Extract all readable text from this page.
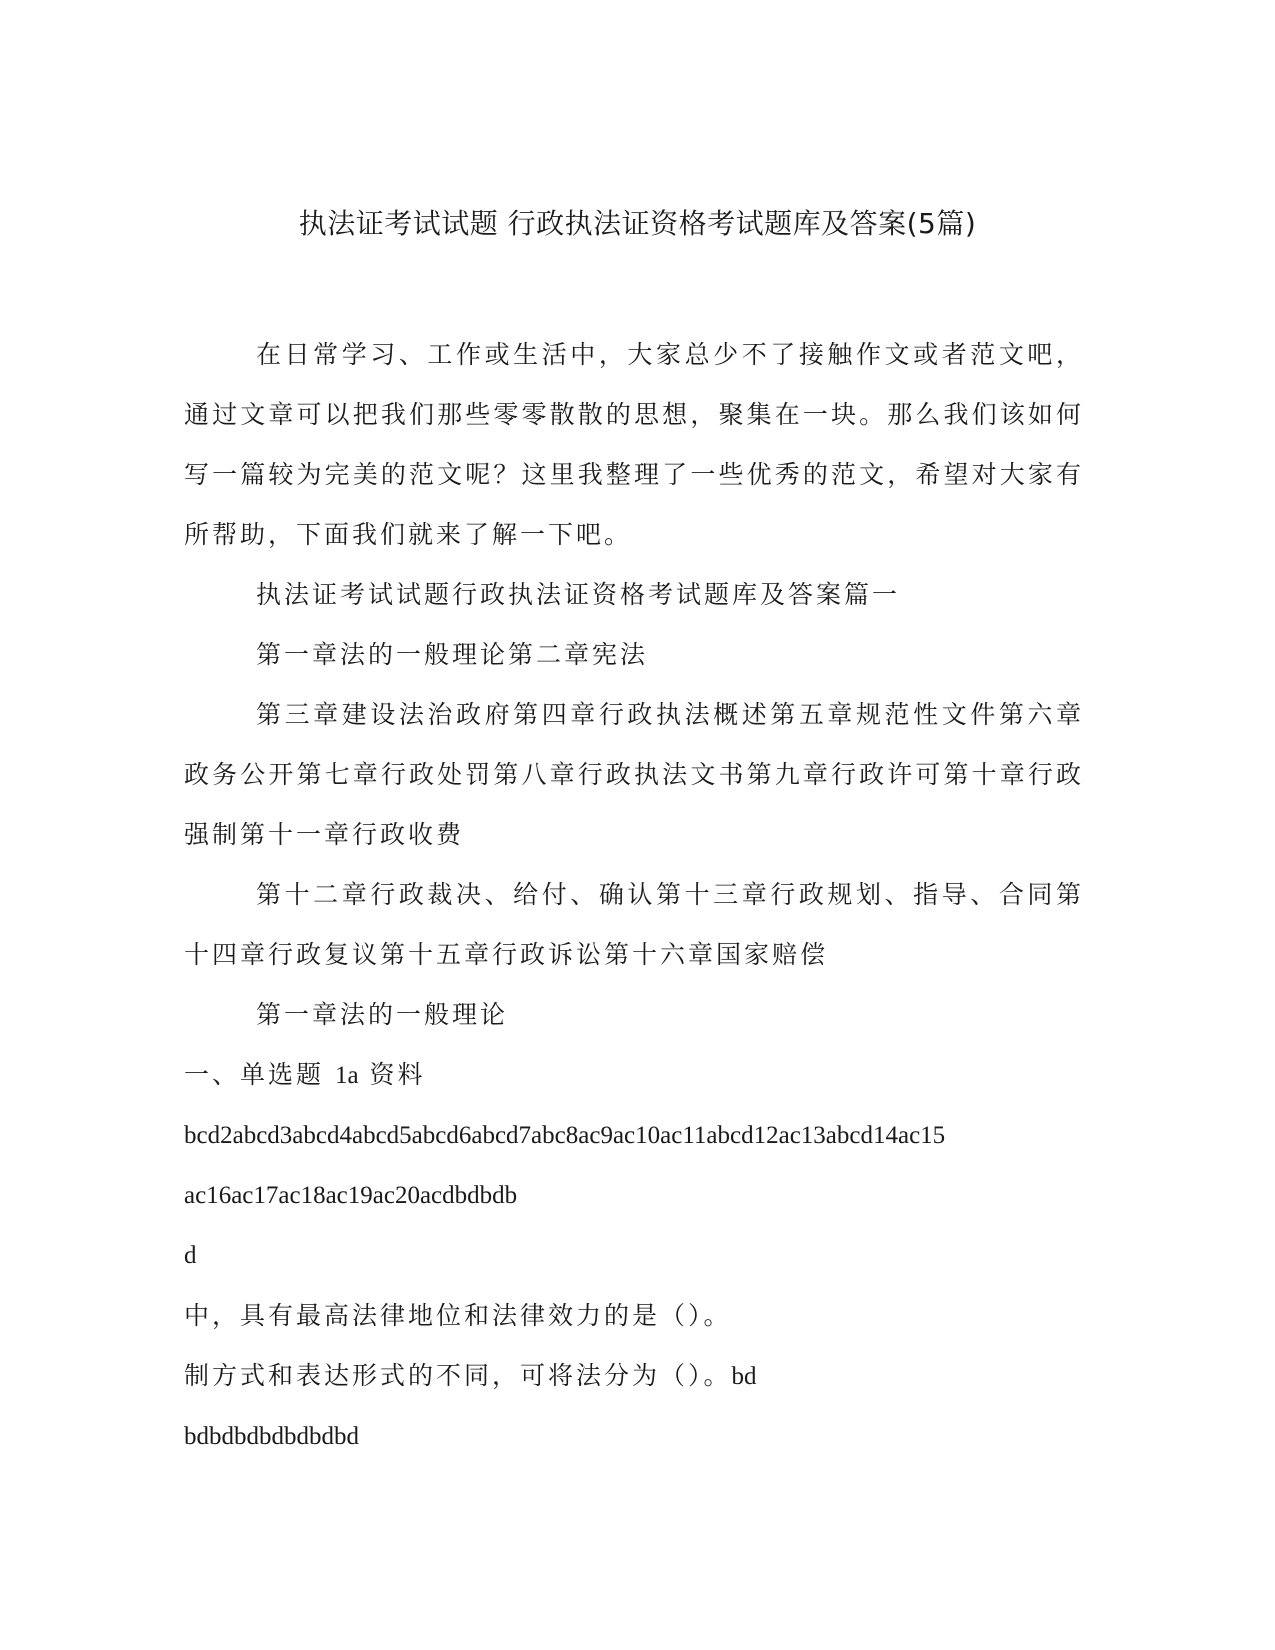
执法证考试试题 行政执法证资格考试题库及答案(5篇)

在日常学习、工作或生活中，大家总少不了接触作文或者范文吧，通过文章可以把我们那些零零散散的思想，聚集在一块。那么我们该如何写一篇较为完美的范文呢？这里我整理了一些优秀的范文，希望对大家有所帮助，下面我们就来了解一下吧。

执法证考试试题行政执法证资格考试题库及答案篇一

第一章法的一般理论第二章宪法

第三章建设法治政府第四章行政执法概述第五章规范性文件第六章政务公开第七章行政处罚第八章行政执法文书第九章行政许可第十章行政强制第十一章行政收费

第十二章行政裁决、给付、确认第十三章行政规划、指导、合同第十四章行政复议第十五章行政诉讼第十六章国家赔偿

第一章法的一般理论

一、单选题 1a 资料

bcd2abcd3abcd4abcd5abcd6abcd7abc8ac9ac10ac11abcd12ac13abcd14ac15

ac16ac17ac18ac19ac20acdbdbdb

d

中，具有最高法律地位和法律效力的是（）。

制方式和表达形式的不同，可将法分为（）。bd

bdbdbdbdbdbdbd
